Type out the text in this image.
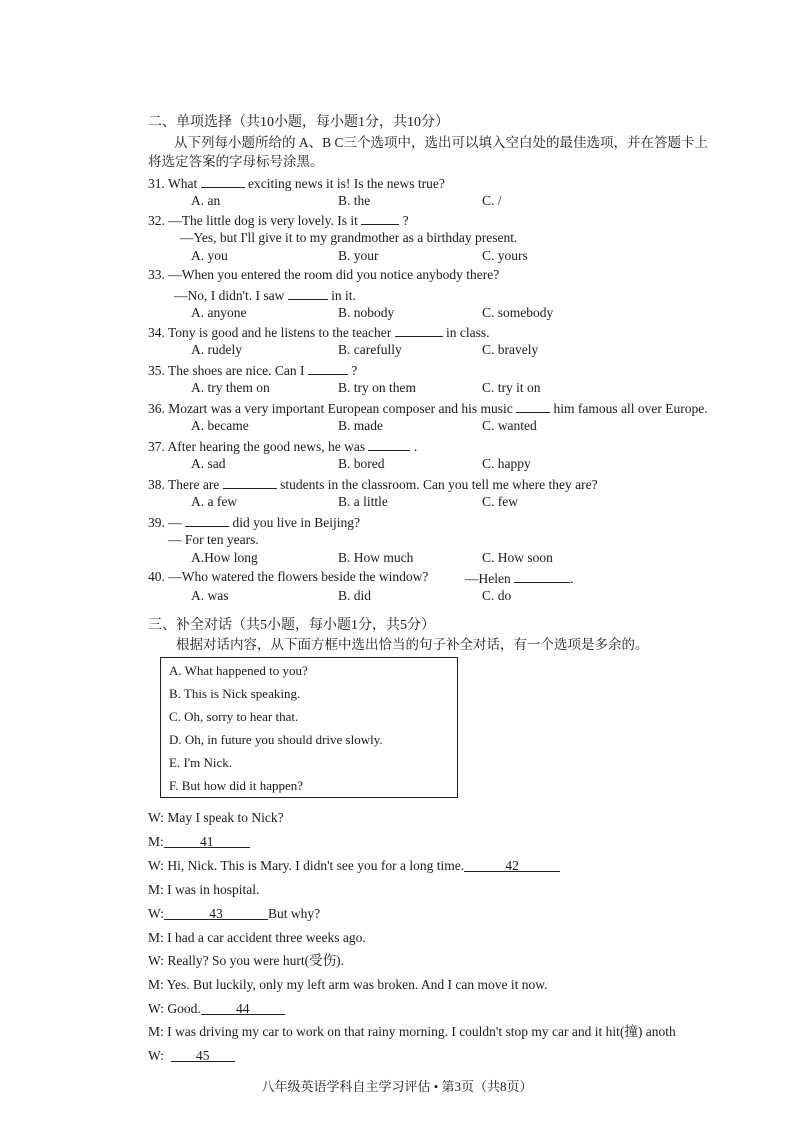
二、单项选择（共10小题，每小题1分，共10分）
从下列每小题所给的 A、B C三个选项中，选出可以填入空白处的最佳选项，并在答题卡上
将选定答案的字母标号涂黑。
31. What	exciting news it is! Is the news true?
A. an	B. the	C. /
32. —The little dog is very lovely. Is it	?
—Yes, but I'll give it to my grandmother as a birthday present.
A. you	B. your	C. yours
33. —When you entered the room did you notice anybody there?
—No, I didn't. I saw	in it.
A. anyone	B. nobody	C. somebody
34. Tony is good and he listens to the teacher	in class.
A. rudely	B. carefully	C. bravely
35. The shoes are nice. Can I	?
A. try them on	B. try on them	C. try it on
36. Mozart was a very important European composer and his music	him famous all over Europe.
A. became	B. made	C. wanted
37. After hearing the good news, he was	.
A. sad	B. bored	C. happy
38. There are	students in the classroom. Can you tell me where they are?
A. a few	B. a little	C. few
39. —	did you live in Beijing?
— For ten years.
A.How long	B. How much	C. How soon
40. —Who watered the flowers beside the window?	—Helen	.
A. was	B. did	C. do
三、补全对话（共5小题，每小题1分，共5分）
根据对话内容，从下面方框中选出恰当的句子补全对话，有一个选项是多余的。
A. What happened to you?
B. This is Nick speaking.
C. Oh, sorry to hear that.
D. Oh, in future you should drive slowly.
E. I'm Nick.
F. But how did it happen?
W: May I speak to Nick?
M:	41
W: Hi, Nick. This is Mary. I didn't see you for a long time.	42
M: I was in hospital.
W:	43	But why?
M: I had a car accident three weeks ago.
W: Really? So you were hurt(受伤).
M: Yes. But luckily, only my left arm was broken. And I can move it now.
W: Good.	44
M: I was driving my car to work on that rainy morning. I couldn't stop my car and it hit(撞) anoth
W: 45
八年级英语学科自主学习评估 • 第3页（共8页）
